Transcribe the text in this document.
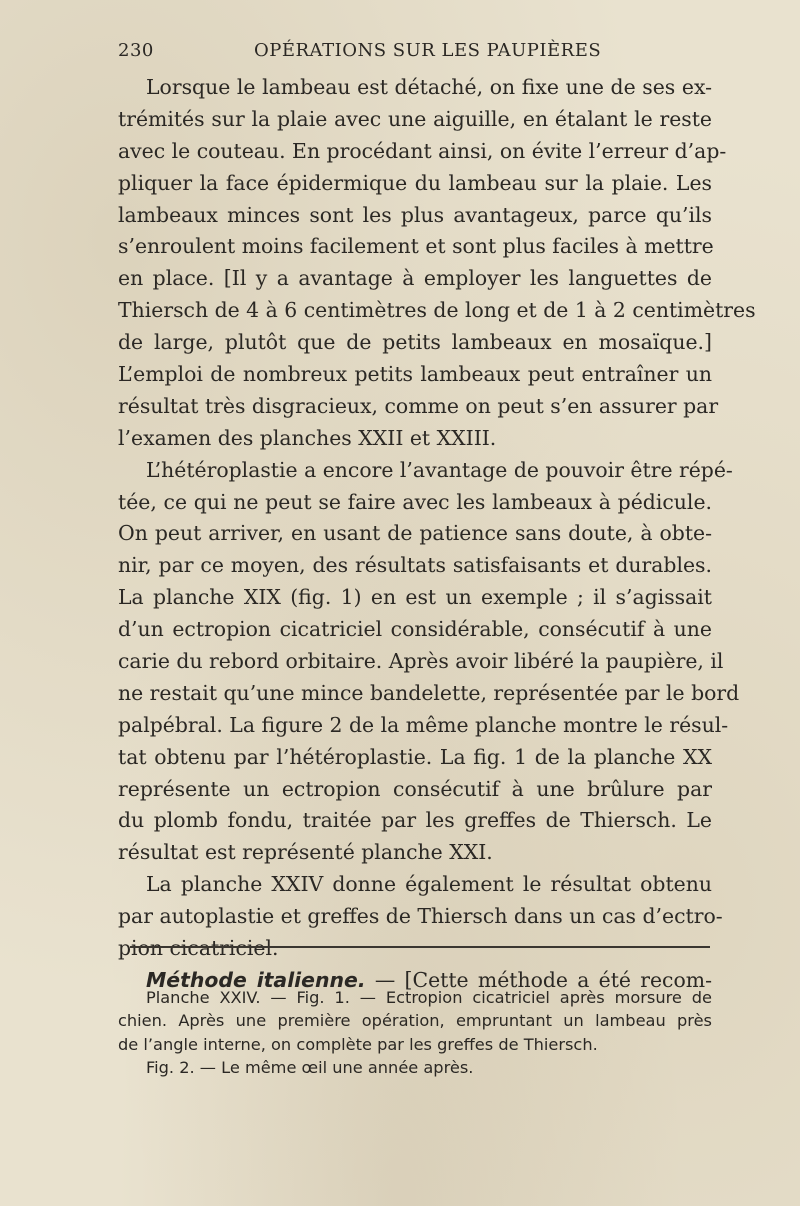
230	OPÉRATIONS SUR LES PAUPIÈRES
Lorsque le lambeau est détaché, on fixe une de ses ex-
trémités sur la plaie avec une aiguille, en étalant le reste
avec le couteau. En procédant ainsi, on évite l’erreur d’ap-
pliquer la face épidermique du lambeau sur la plaie. Les
lambeaux minces sont les plus avantageux, parce qu’ils
s’enroulent moins facilement et sont plus faciles à mettre
en place. [Il y a avantage à employer les languettes de
Thiersch de 4 à 6 centimètres de long et de 1 à 2 centimètres
de large, plutôt que de petits lambeaux en mosaïque.]
L’emploi de nombreux petits lambeaux peut entraîner un
résultat très disgracieux, comme on peut s’en assurer par
l’examen des planches XXII et XXIII.
L’hétéroplastie a encore l’avantage de pouvoir être répé-
tée, ce qui ne peut se faire avec les lambeaux à pédicule.
On peut arriver, en usant de patience sans doute, à obte-
nir, par ce moyen, des résultats satisfaisants et durables.
La planche XIX (fig. 1) en est un exemple ; il s’agissait
d’un ectropion cicatriciel considérable, consécutif à une
carie du rebord orbitaire. Après avoir libéré la paupière, il
ne restait qu’une mince bandelette, représentée par le bord
palpébral. La figure 2 de la même planche montre le résul-
tat obtenu par l’hétéroplastie. La fig. 1 de la planche XX
représente un ectropion consécutif à une brûlure par
du plomb fondu, traitée par les greffes de Thiersch. Le
résultat est représenté planche XXI.
La planche XXIV donne également le résultat obtenu
par autoplastie et greffes de Thiersch dans un cas d’ectro-
pion cicatriciel.
Méthode italienne. — [Cette méthode a été recom-
Planche XXIV. — Fig. 1. — Ectropion cicatriciel après morsure de
chien. Après une première opération, empruntant un lambeau près
de l’angle interne, on complète par les greffes de Thiersch.
Fig. 2. — Le même œil une année après.
